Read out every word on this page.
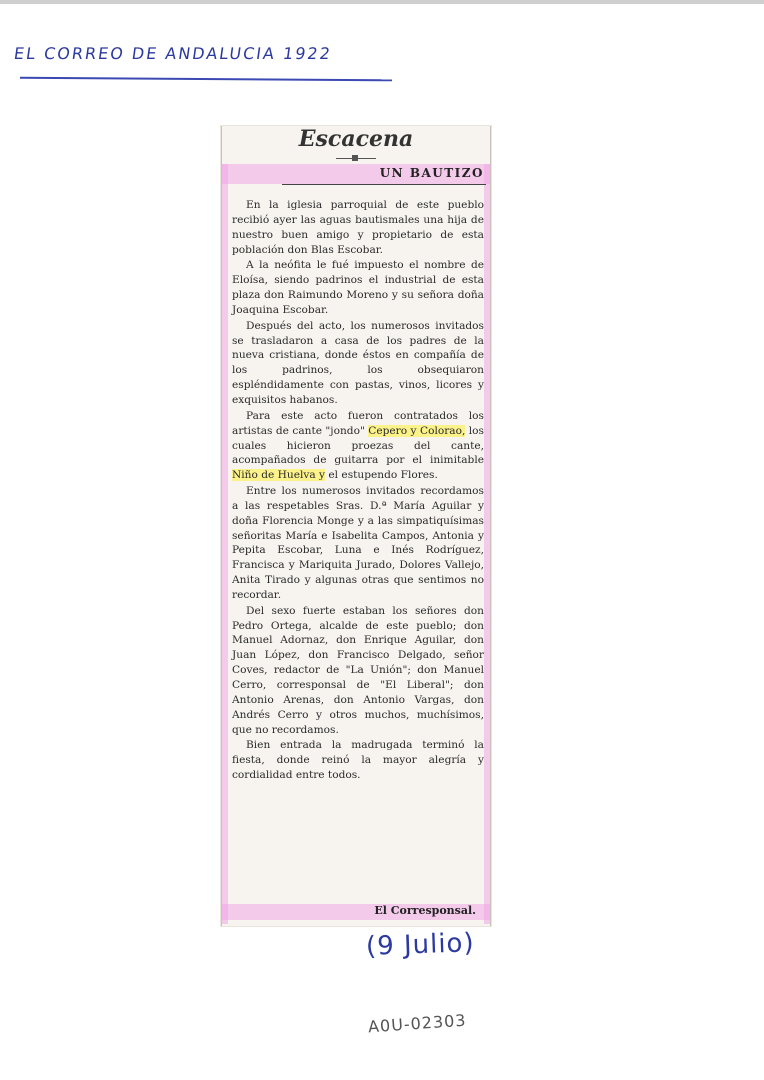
EL CORREO DE ANDALUCIA 1922
Escacena
UN BAUTIZO

En la iglesia parroquial de este pueblo recibió ayer las aguas bautismales una hija de nuestro buen amigo y propietario de esta población don Blas Escobar.

A la neófita le fué impuesto el nombre de Eloísa, siendo padrinos el industrial de esta plaza don Raimundo Moreno y su señora doña Joaquina Escobar.

Después del acto, los numerosos invitados se trasladaron a casa de los padres de la nueva cristiana, donde éstos en compañía de los padrinos, los obsequiaron espléndidamente con pastas, vinos, licores y exquisitos habanos.

Para este acto fueron contratados los artistas de cante "jondo" Cepero y Colorao, los cuales hicieron proezas del cante, acompañados de guitarra por el inimitable Niño de Huelva y el estupendo Flores.

Entre los numerosos invitados recordamos a las respetables Sras. D.ª María Aguilar y doña Florencia Monge y a las simpatiquísimas señoritas María e Isabelita Campos, Antonia y Pepita Escobar, Luna e Inés Rodríguez, Francisca y Mariquita Jurado, Dolores Vallejo, Anita Tirado y algunas otras que sentimos no recordar.

Del sexo fuerte estaban los señores don Pedro Ortega, alcalde de este pueblo; don Manuel Adornaz, don Enrique Aguilar, don Juan López, don Francisco Delgado, señor Coves, redactor de "La Unión"; don Manuel Cerro, corresponsal de "El Liberal"; don Antonio Arenas, don Antonio Vargas, don Andrés Cerro y otros muchos, muchísimos, que no recordamos.

Bien entrada la madrugada terminó la fiesta, donde reinó la mayor alegría y cordialidad entre todos.

El Corresponsal.
(9 Julio)
A0U-02303
